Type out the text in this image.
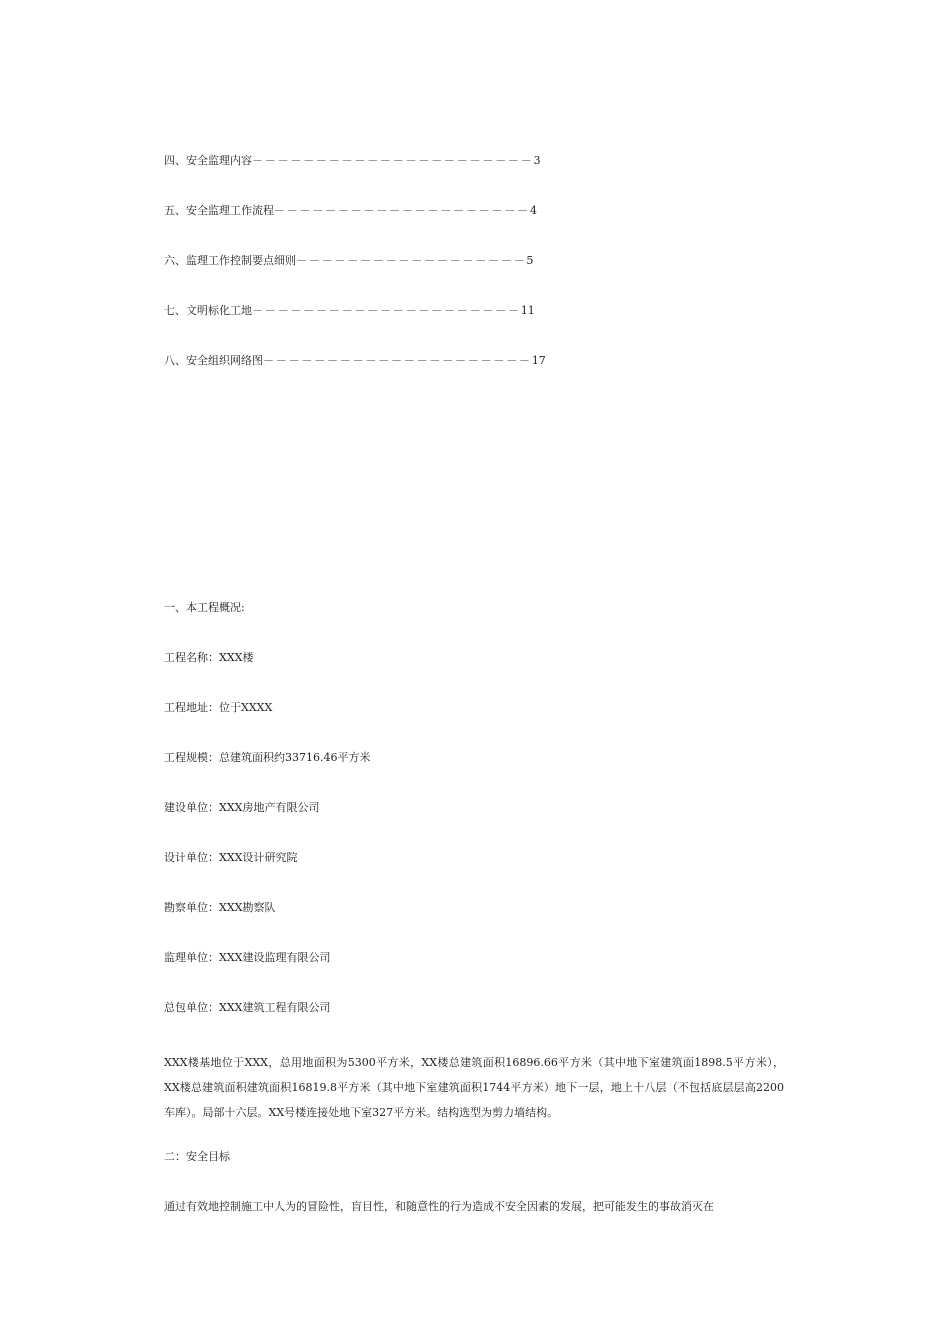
四、安全监理内容－－－－－－－－－－－－－－－－－－－－－－3
五、安全监理工作流程－－－－－－－－－－－－－－－－－－－－4
六、监理工作控制要点细则－－－－－－－－－－－－－－－－－－5
七、文明标化工地－－－－－－－－－－－－－－－－－－－－－11
八、安全组织网络图－－－－－－－－－－－－－－－－－－－－－17

一、本工程概况:

工程名称：XXX楼

工程地址：位于XXXX

工程规模：总建筑面积约33716.46平方米

建设单位：XXX房地产有限公司

设计单位：XXX设计研究院

勘察单位：XXX勘察队

监理单位：XXX建设监理有限公司

总包单位：XXX建筑工程有限公司

XXX楼基地位于XXX，总用地面积为5300平方米，XX楼总建筑面积16896.66平方米（其中地下室建筑面1898.5平方米），XX楼总建筑面积建筑面积16819.8平方米（其中地下室建筑面积1744平方米）地下一层，地上十八层（不包括底层层高2200车库）。局部十六层。XX号楼连接处地下室327平方米。结构选型为剪力墙结构。

二：安全目标

通过有效地控制施工中人为的冒险性，盲目性，和随意性的行为造成不安全因素的发展，把可能发生的事故消灭在
